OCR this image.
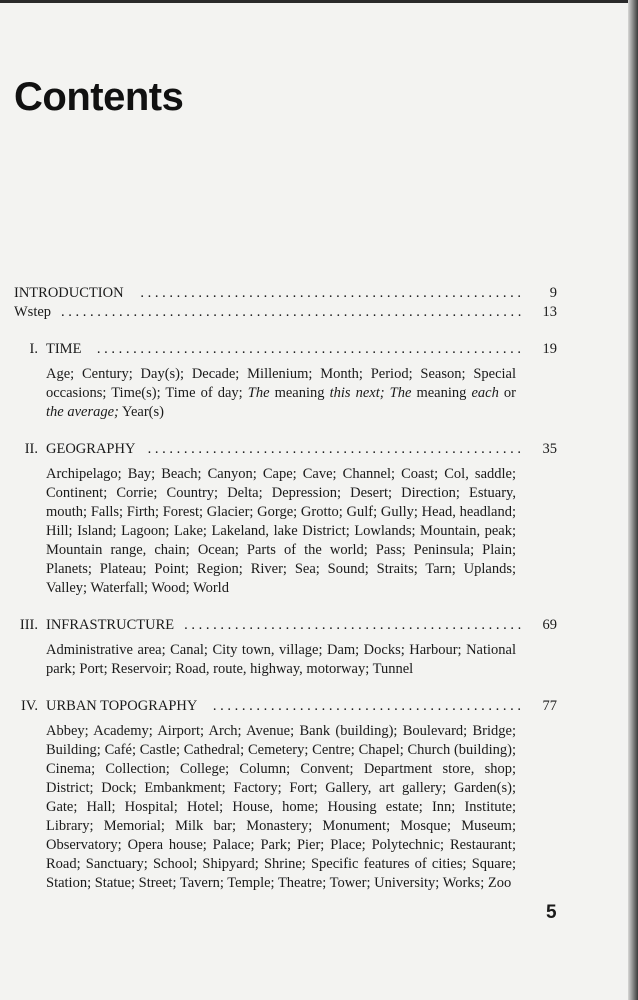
Contents
INTRODUCTION	. . . . . . . . . . . . . . . . . . . . . . . . . . . . . . . . . . . . . . . . . . . . . . . . . . . . .	9
Wstep . . . . . . . . . . . . . . . . . . . . . . . . . . . . . . . . . . . . . . . . . . . . . . . . . . . . . . . . . . . . . . . .	13
I. TIME	. . . . . . . . . . . . . . . . . . . . . . . . . . . . . . . . . . . . . . . . . . . . . . . . . . . . . . . . . . .	19
Age; Century; Day(s); Decade; Millenium; Month; Period; Season; Special occasions; Time(s); Time of day; The meaning this next; The meaning each or the average; Year(s)
II. GEOGRAPHY . . . . . . . . . . . . . . . . . . . . . . . . . . . . . . . . . . . . . . . . . . . . . . . . . . . .	35
Archipelago; Bay; Beach; Canyon; Cape; Cave; Channel; Coast; Col, saddle; Continent; Corrie; Country; Delta; Depression; Desert; Direction; Estuary, mouth; Falls; Firth; Forest; Glacier; Gorge; Grotto; Gulf; Gully; Head, headland; Hill; Island; Lagoon; Lake; Lakeland, lake District; Lowlands; Mountain, peak; Mountain range, chain; Ocean; Parts of the world; Pass; Peninsula; Plain; Planets; Plateau; Point; Region; River; Sea; Sound; Straits; Tarn; Uplands; Valley; Waterfall; Wood; World
III. INFRASTRUCTURE . . . . . . . . . . . . . . . . . . . . . . . . . . . . . . . . . . . . . . . . . . . . . . .	69
Administrative area; Canal; City town, village; Dam; Docks; Harbour; National park; Port; Reservoir; Road, route, highway, motorway; Tunnel
IV. URBAN TOPOGRAPHY	. . . . . . . . . . . . . . . . . . . . . . . . . . . . . . . . . . . . . . . . . . .	77
Abbey; Academy; Airport; Arch; Avenue; Bank (building); Boulevard; Bridge; Building; Café; Castle; Cathedral; Cemetery; Centre; Chapel; Church (building); Cinema; Collection; College; Column; Convent; Department store, shop; District; Dock; Embankment; Factory; Fort; Gallery, art gallery; Garden(s); Gate; Hall; Hospital; Hotel; House, home; Housing estate; Inn; Institute; Library; Memorial; Milk bar; Monastery; Monument; Mosque; Museum; Observatory; Opera house; Palace; Park; Pier; Place; Polytechnic; Restaurant; Road; Sanctuary; School; Shipyard; Shrine; Specific features of cities; Square; Station; Statue; Street; Tavern; Temple; Theatre; Tower; University; Works; Zoo
5
